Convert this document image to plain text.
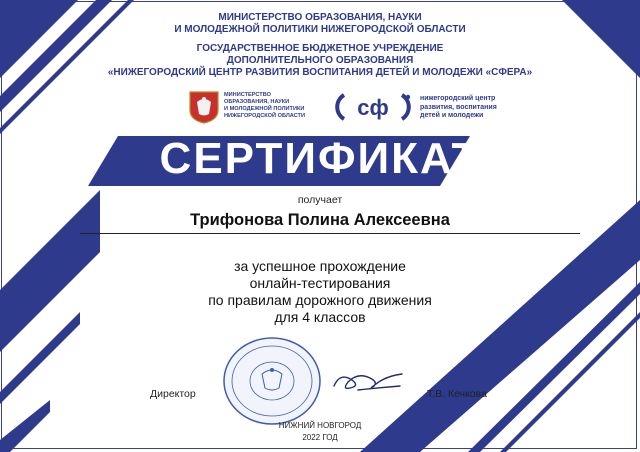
МИНИСТЕРСТВО ОБРАЗОВАНИЯ, НАУКИ
И МОЛОДЕЖНОЙ ПОЛИТИКИ НИЖЕГОРОДСКОЙ ОБЛАСТИ
ГОСУДАРСТВЕННОЕ БЮДЖЕТНОЕ УЧРЕЖДЕНИЕ
ДОПОЛНИТЕЛЬНОГО ОБРАЗОВАНИЯ
«НИЖЕГОРОДСКИЙ ЦЕНТР РАЗВИТИЯ ВОСПИТАНИЯ ДЕТЕЙ И МОЛОДЕЖИ «СФЕРА»
МИНИСТЕРСТВО
ОБРАЗОВАНИЯ, НАУКИ
И МОЛОДЕЖНОЙ ПОЛИТИКИ
НИЖЕГОРОДСКОЙ ОБЛАСТИ	сф	нижегородский центр
развития, воспитания
детей и молодежи
СЕРТИФИКАТ
получает
Трифонова Полина Алексеевна
за успешное прохождение
онлайн-тестирования
по правилам дорожного движения
для 4 классов
Директор	Т.В. Кечкова
НИЖНИЙ НОВГОРОД
2022 ГОД
